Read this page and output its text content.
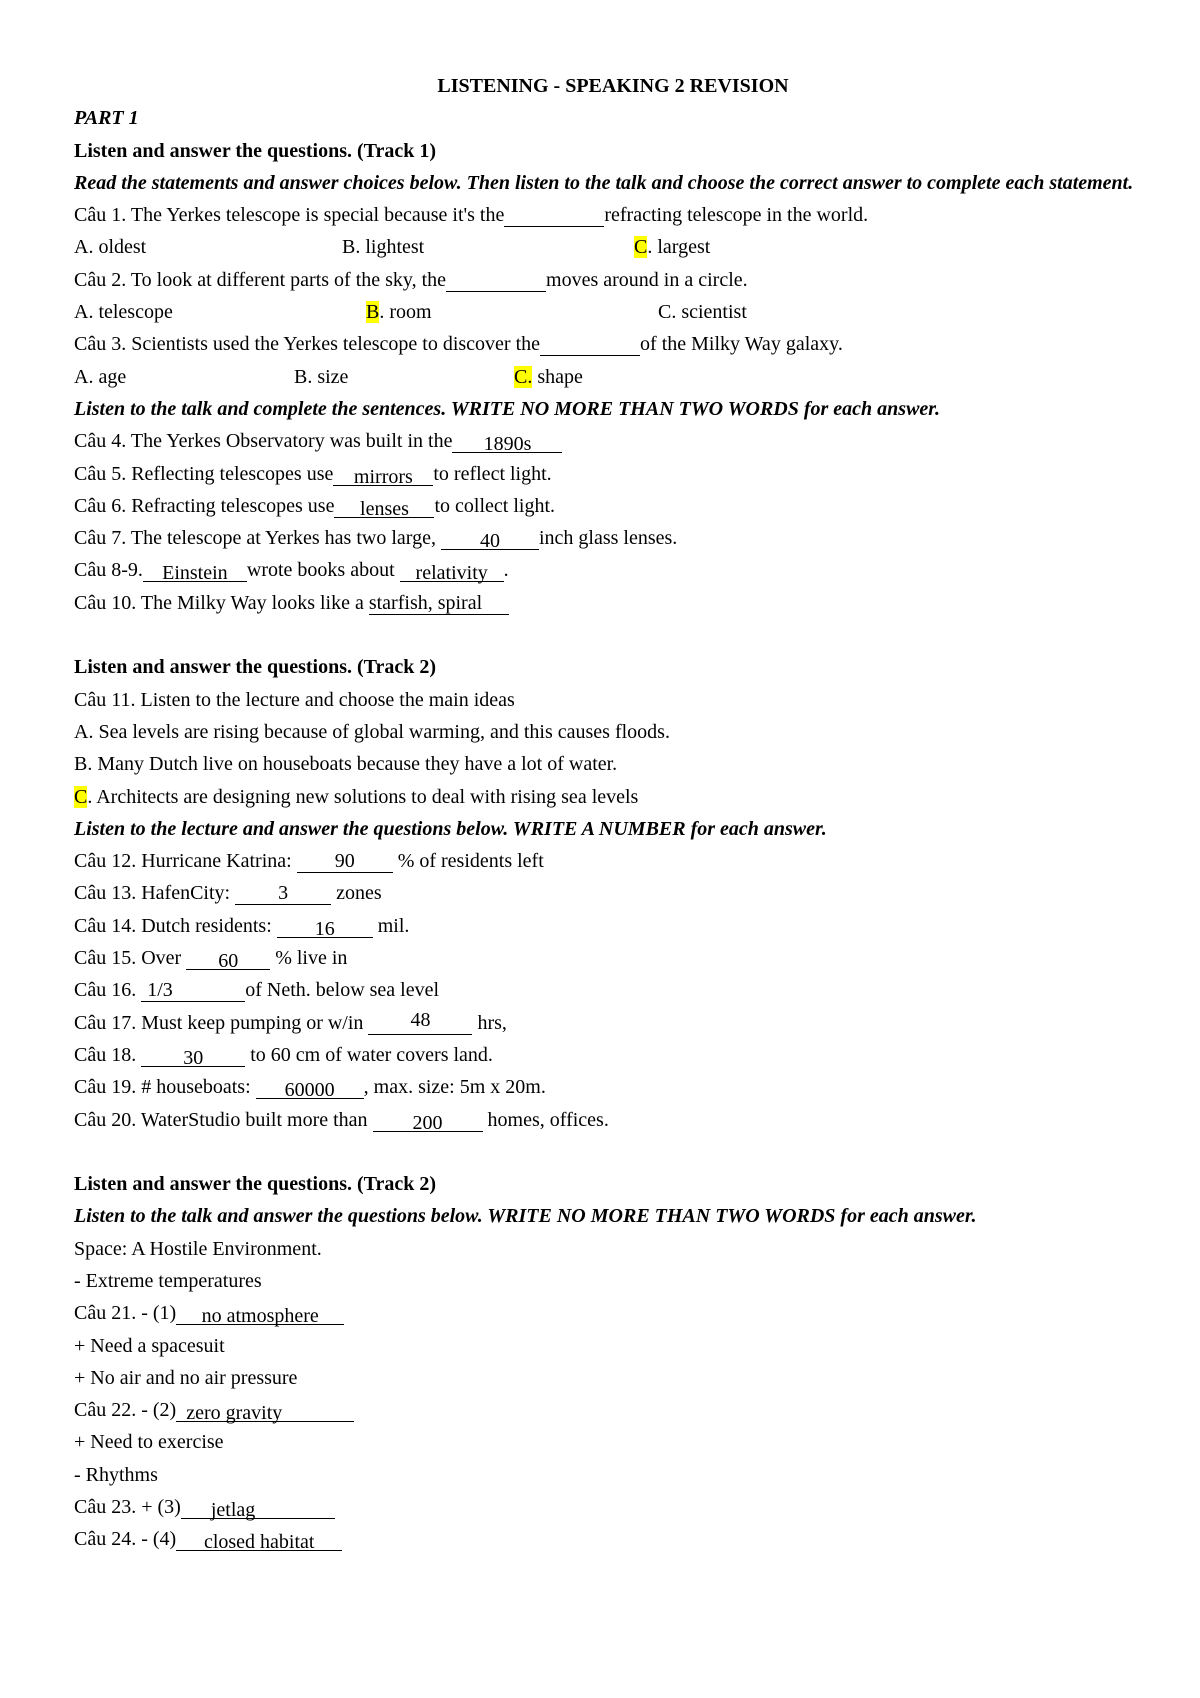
LISTENING - SPEAKING 2 REVISION
PART 1
Listen and answer the questions. (Track 1)
Read the statements and answer choices below. Then listen to the talk and choose the correct answer to complete each statement.
Câu 1. The Yerkes telescope is special because it's the	refracting telescope in the world.
A. oldest	B. lightest	C. largest
Câu 2. To look at different parts of the sky, the	moves around in a circle.
A. telescope	B. room	C. scientist
Câu 3. Scientists used the Yerkes telescope to discover the	of the Milky Way galaxy.
A. age	B. size	C. shape
Listen to the talk and complete the sentences. WRITE NO MORE THAN TWO WORDS for each answer.
Câu 4. The Yerkes Observatory was built in the 1890s
Câu 5. Reflecting telescopes use mirrors to reflect light.
Câu 6. Refracting telescopes use lenses to collect light.
Câu 7. The telescope at Yerkes has two large, 40 inch glass lenses.
Câu 8-9. Einstein wrote books about relativity .
Câu 10. The Milky Way looks like a starfish, spiral
Listen and answer the questions. (Track 2)
Câu 11. Listen to the lecture and choose the main ideas
A. Sea levels are rising because of global warming, and this causes floods.
B. Many Dutch live on houseboats because they have a lot of water.
C. Architects are designing new solutions to deal with rising sea levels
Listen to the lecture and answer the questions below. WRITE A NUMBER for each answer.
Câu 12. Hurricane Katrina: 90 % of residents left
Câu 13. HafenCity: 3 zones
Câu 14. Dutch residents: 16 mil.
Câu 15. Over 60 % live in
Câu 16. 1/3	of Neth. below sea level
Câu 17. Must keep pumping or w/in 48 hrs,
Câu 18. 30 to 60 cm of water covers land.
Câu 19. # houseboats: 60000 , max. size: 5m x 20m.
Câu 20. WaterStudio built more than 200 homes, offices.
Listen and answer the questions. (Track 2)
Listen to the talk and answer the questions below. WRITE NO MORE THAN TWO WORDS for each answer.
Space: A Hostile Environment.
- Extreme temperatures
Câu 21. - (1) no atmosphere
+ Need a spacesuit
+ No air and no air pressure
Câu 22. - (2) zero gravity
+ Need to exercise
- Rhythms
Câu 23. + (3) jetlag
Câu 24. - (4) closed habitat
